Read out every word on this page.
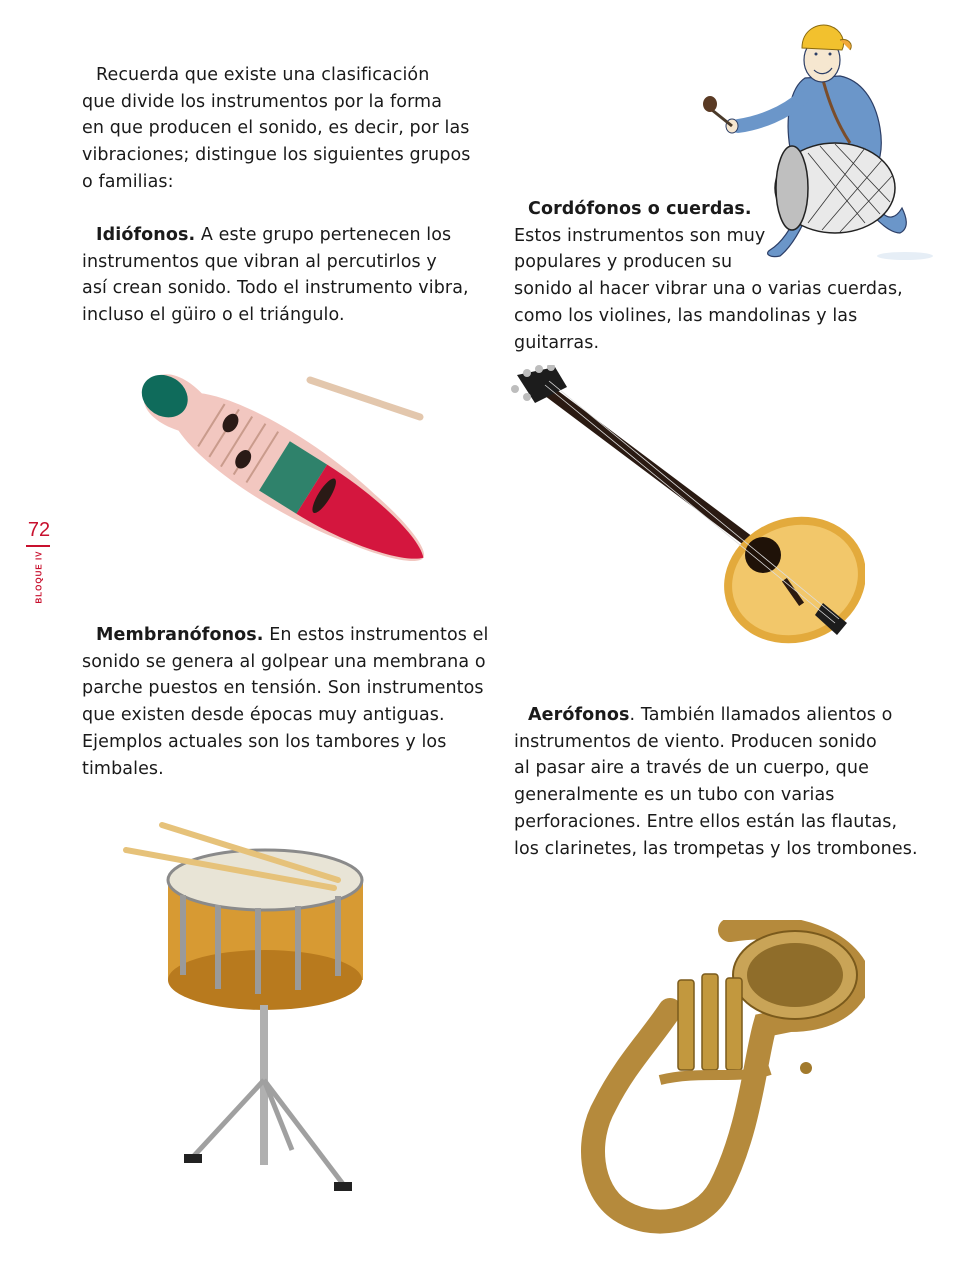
Recuerda que existe una clasificación
que divide los instrumentos por la forma
en que producen el sonido, es decir, por las
vibraciones; distingue los siguientes grupos
o familias:

Idiófonos. A este grupo pertenecen los
instrumentos que vibran al percutirlos y
así crean sonido. Todo el instrumento vibra,
incluso el güiro o el triángulo.

Cordófonos o cuerdas.
Estos instrumentos son muy
populares y producen su
sonido al hacer vibrar una o varias cuerdas,
como los violines, las mandolinas y las
guitarras.

Membranófonos. En estos instrumentos el
sonido se genera al golpear una membrana o
parche puestos en tensión. Son instrumentos
que existen desde épocas muy antiguas.
Ejemplos actuales son los tambores y los
timbales.

Aerófonos. También llamados alientos o
instrumentos de viento. Producen sonido
al pasar aire a través de un cuerpo, que
generalmente es un tubo con varias
perforaciones. Entre ellos están las flautas,
los clarinetes, las trompetas y los trombones.

72
BLOQUE IV
